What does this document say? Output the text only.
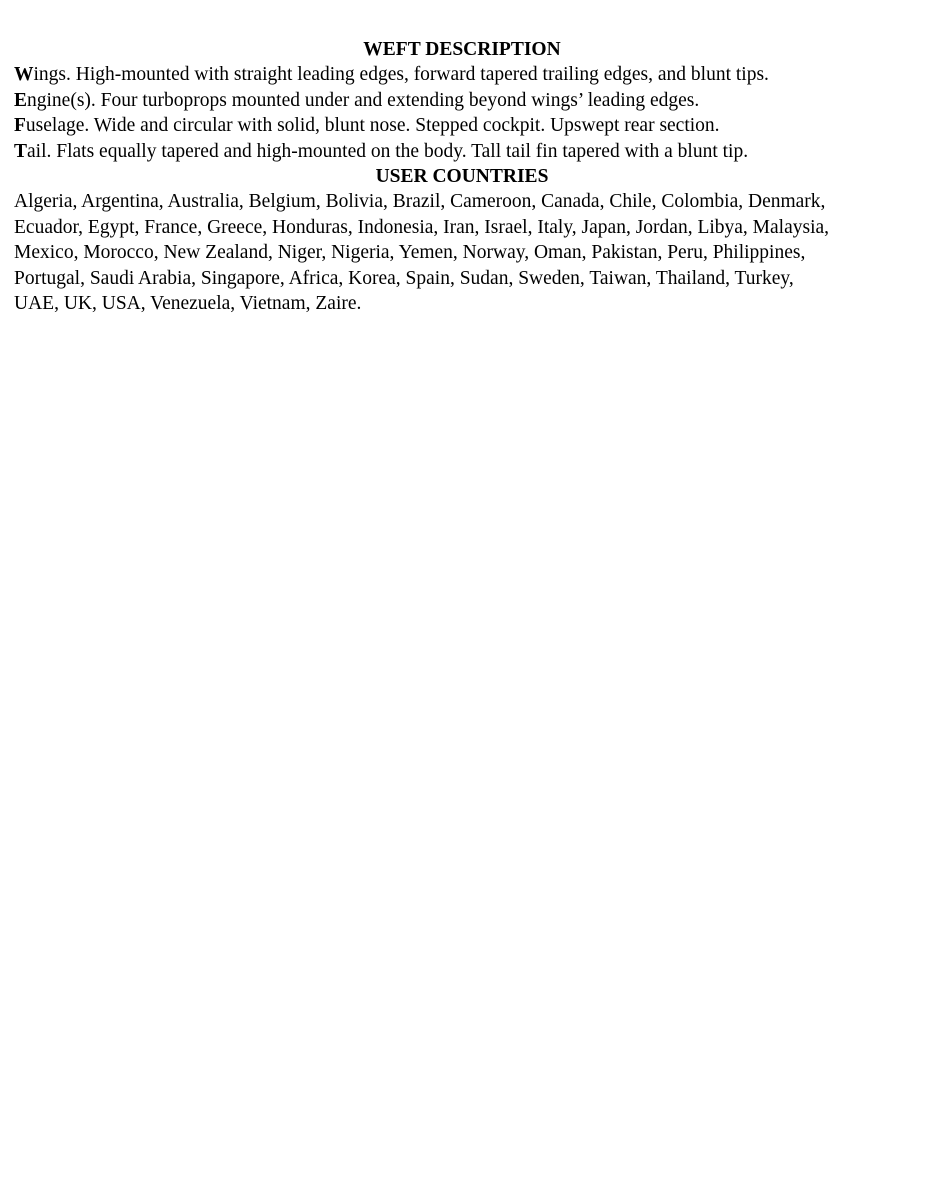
WEFT DESCRIPTION
Wings. High-mounted with straight leading edges, forward tapered trailing edges, and blunt tips.
Engine(s). Four turboprops mounted under and extending beyond wings’ leading edges.
Fuselage. Wide and circular with solid, blunt nose. Stepped cockpit. Upswept rear section.
Tail. Flats equally tapered and high-mounted on the body. Tall tail fin tapered with a blunt tip.
USER COUNTRIES
Algeria, Argentina, Australia, Belgium, Bolivia, Brazil, Cameroon, Canada, Chile, Colombia, Denmark,
Ecuador, Egypt, France, Greece, Honduras, Indonesia, Iran, Israel, Italy, Japan, Jordan, Libya, Malaysia,
Mexico, Morocco, New Zealand, Niger, Nigeria, Yemen, Norway, Oman, Pakistan, Peru, Philippines,
Portugal, Saudi Arabia, Singapore, Africa, Korea, Spain, Sudan, Sweden, Taiwan, Thailand, Turkey,
UAE, UK, USA, Venezuela, Vietnam, Zaire.
